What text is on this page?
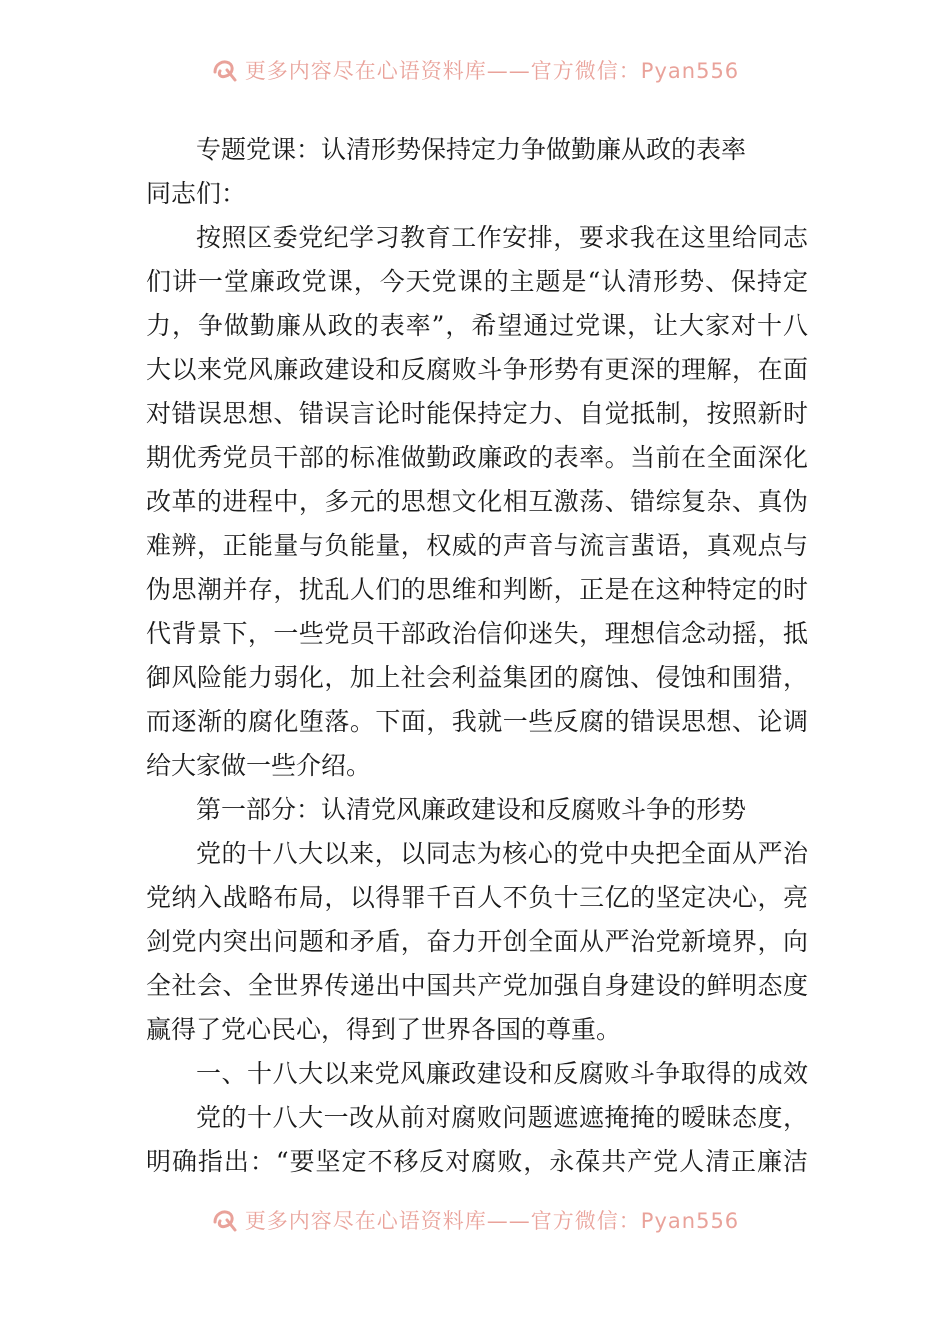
更多内容尽在心语资料库——官方微信：Pyan556
专题党课：认清形势保持定力争做勤廉从政的表率
同志们：
按照区委党纪学习教育工作安排，要求我在这里给同志
们讲一堂廉政党课，今天党课的主题是“认清形势、保持定
力，争做勤廉从政的表率”，希望通过党课，让大家对十八
大以来党风廉政建设和反腐败斗争形势有更深的理解，在面
对错误思想、错误言论时能保持定力、自觉抵制，按照新时
期优秀党员干部的标准做勤政廉政的表率。当前在全面深化
改革的进程中，多元的思想文化相互激荡、错综复杂、真伪
难辨，正能量与负能量，权威的声音与流言蜚语，真观点与
伪思潮并存，扰乱人们的思维和判断，正是在这种特定的时
代背景下，一些党员干部政治信仰迷失，理想信念动摇，抵
御风险能力弱化，加上社会利益集团的腐蚀、侵蚀和围猎，
而逐渐的腐化堕落。下面，我就一些反腐的错误思想、论调
给大家做一些介绍。
第一部分：认清党风廉政建设和反腐败斗争的形势
党的十八大以来，以同志为核心的党中央把全面从严治
党纳入战略布局，以得罪千百人不负十三亿的坚定决心，亮
剑党内突出问题和矛盾，奋力开创全面从严治党新境界，向
全社会、全世界传递出中国共产党加强自身建设的鲜明态度
赢得了党心民心，得到了世界各国的尊重。
一、十八大以来党风廉政建设和反腐败斗争取得的成效
党的十八大一改从前对腐败问题遮遮掩掩的暧昧态度，
明确指出：“要坚定不移反对腐败，永葆共产党人清正廉洁
更多内容尽在心语资料库——官方微信：Pyan556
